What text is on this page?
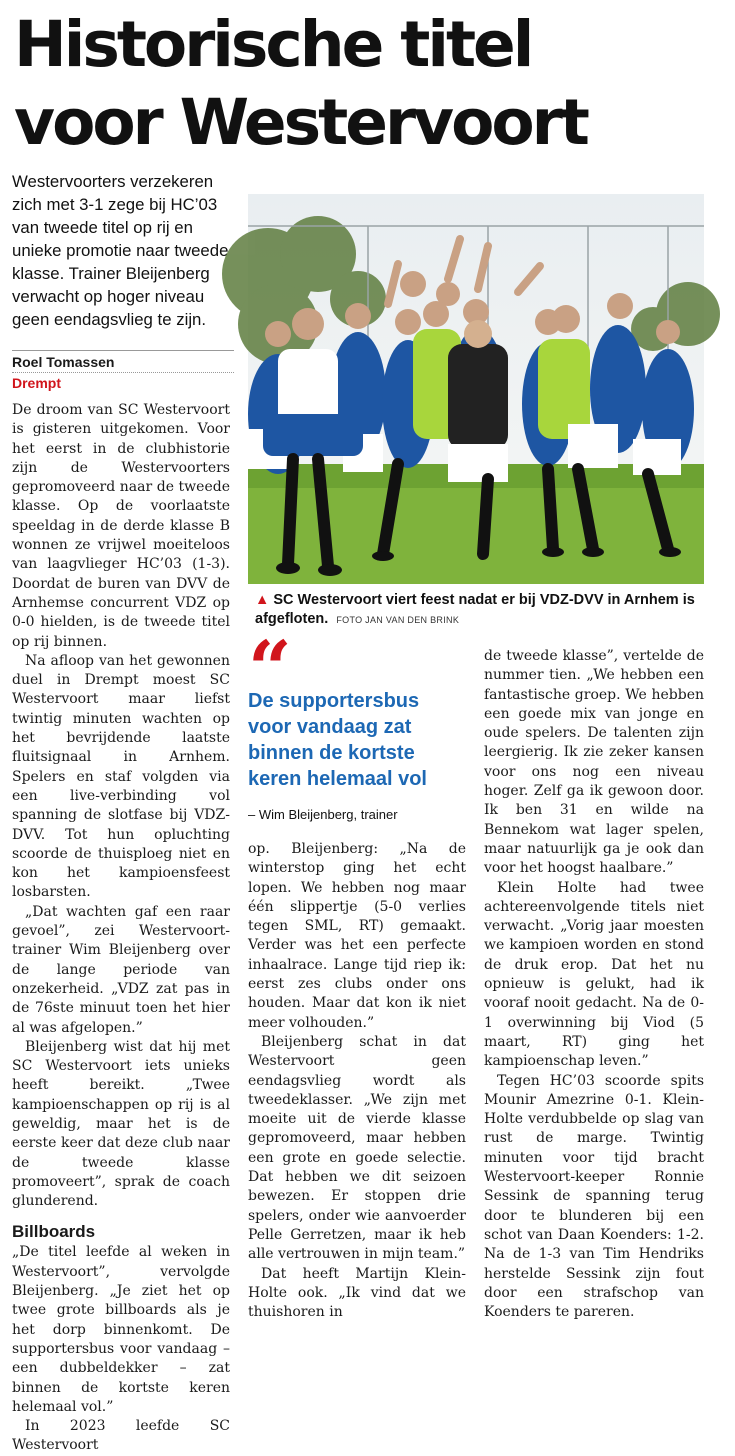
Historische titel
voor Westervoort

Westervoorters verzekeren zich met 3-1 zege bij HC’03 van tweede titel op rij en unieke promotie naar tweede klasse. Trainer Bleijenberg verwacht op hoger niveau geen eendagsvlieg te zijn.

Roel Tomassen
Drempt
▲ SC Westervoort viert feest nadat er bij VDZ-DVV in Arnhem is afgefloten. FOTO JAN VAN DEN BRINK

De droom van SC Westervoort is gisteren uitgekomen. Voor het eerst in de clubhistorie zijn de Westervoorters gepromoveerd naar de tweede klasse. Op de voorlaatste speeldag in de derde klasse B wonnen ze vrijwel moeiteloos van laagvlieger HC’03 (1-3). Doordat de buren van DVV de Arnhemse concurrent VDZ op 0-0 hielden, is de tweede titel op rij binnen.

Na afloop van het gewonnen duel in Drempt moest SC Westervoort maar liefst twintig minuten wachten op het bevrijdende laatste fluitsignaal in Arnhem. Spelers en staf volgden via een live-verbinding vol spanning de slotfase bij VDZ-DVV. Tot hun opluchting scoorde de thuisploeg niet en kon het kampioensfeest losbarsten.

„Dat wachten gaf een raar gevoel”, zei Westervoort-trainer Wim Bleijenberg over de lange periode van onzekerheid. „VDZ zat pas in de 76ste minuut toen het hier al was afgelopen.”

Bleijenberg wist dat hij met SC Westervoort iets unieks heeft bereikt. „Twee kampioenschappen op rij is al geweldig, maar het is de eerste keer dat deze club naar de tweede klasse promoveert”, sprak de coach glunderend.

Billboards

„De titel leefde al weken in Westervoort”, vervolgde Bleijenberg. „Je ziet het op twee grote billboards als je het dorp binnenkomt. De supportersbus voor vandaag – een dubbeldekker – zat binnen de kortste keren helemaal vol.”

In 2023 leefde SC Westervoort

“
De supportersbus voor vandaag zat binnen de kortste keren helemaal vol
– Wim Bleijenberg, trainer

op. Bleijenberg: „Na de winterstop ging het echt lopen. We hebben nog maar één slippertje (5-0 verlies tegen SML, RT) gemaakt. Verder was het een perfecte inhaalrace. Lange tijd riep ik: eerst zes clubs onder ons houden. Maar dat kon ik niet meer volhouden.”

Bleijenberg schat in dat Westervoort geen eendagsvlieg wordt als tweedeklasser. „We zijn met moeite uit de vierde klasse gepromoveerd, maar hebben een grote en goede selectie. Dat hebben we dit seizoen bewezen. Er stoppen drie spelers, onder wie aanvoerder Pelle Gerretzen, maar ik heb alle vertrouwen in mijn team.”

Dat heeft Martijn Klein-Holte ook. „Ik vind dat we thuishoren in

de tweede klasse”, vertelde de nummer tien. „We hebben een fantastische groep. We hebben een goede mix van jonge en oude spelers. De talenten zijn leergierig. Ik zie zeker kansen voor ons nog een niveau hoger. Zelf ga ik gewoon door. Ik ben 31 en wilde na Bennekom wat lager spelen, maar natuurlijk ga je ook dan voor het hoogst haalbare.”

Klein Holte had twee achtereenvolgende titels niet verwacht. „Vorig jaar moesten we kampioen worden en stond de druk erop. Dat het nu opnieuw is gelukt, had ik vooraf nooit gedacht. Na de 0-1 overwinning bij Viod (5 maart, RT) ging het kampioenschap leven.”

Tegen HC’03 scoorde spits Mounir Amezrine 0-1. Klein-Holte verdubbelde op slag van rust de marge. Twintig minuten voor tijd bracht Westervoort-keeper Ronnie Sessink de spanning terug door te blunderen bij een schot van Daan Koenders: 1-2. Na de 1-3 van Tim Hendriks herstelde Sessink zijn fout door een strafschop van Koenders te pareren.
